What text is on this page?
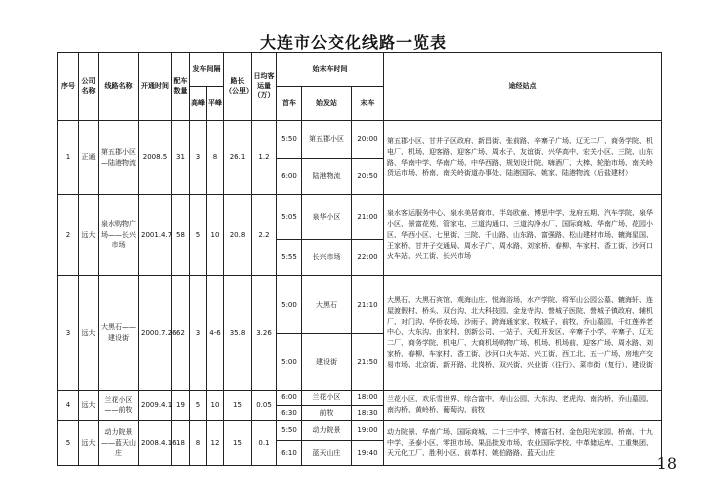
大连市公交化线路一览表
序号	公司名称	线路名称	开通时间	配车数量	发车间隔		路长（公里）	日均客运量（万）	始末车时间			途经站点
					高峰	平峰			首车	始发站	末车	
1	正通	第五郡小区—陆港物流	2008.5	31	3	8	26.1	1.2	5:50	第五郡小区	20:00	第五郡小区、甘井子区政府、新昌街、张前路、辛寨子广场、辽无二厂、商务学院、机电厂、机场、迎客路、迎客广场、周水子、友谊街、兴华高中、宏关小区、三院、山东路、华南中学、华南广场、中华西路、规划设计院、嗨酒厂、大棒、轮胎市场、南关岭货运市场、桥南、南关岭街道办事处、陆港国际、姚家、陆港物流（后盐建材）
									6:00	陆港物流	20:50	
2	远大	泉水购物广场——长兴市场	2001.4.7	58	5	10	20.8	2.2	5:05	泉华小区	21:00	泉水客运服务中心、泉水美居商市、半岛欧童、博思中学、龙府五期、汽车学院、泉华小区、景富花苑、管家屯、三道沟通口、三道沟净水厂、国际商城、华南广场、花园小区、华西小区、七里街、三院、千山路、山东路、富强路、松山建材市场、辘海星国、王家桥、甘井子交通局、周水子广、周水路、刘家桥、春柳、车家村、香工街、沙河口火车站、兴工街、长兴市场
									5:55	长兴市场	22:00	
3	远大	大黑石——建设街	2000.7.26	62	3	4-6	35.8	3.26	5:00	大黑石	21:10	大黑石、大黑石宾馆、观海山庄、悦海浴场、水产学院、将军山公园公墓、辘海轩、连屋渡假村、桥头、双台沟、北大科技园、金龙寺沟、營城子医院、營城子镇政府、辅机厂、对门沟、华侨农场、沙雨子、跨海通家家、牧城子、前牧、乔山墓园、千红莲养老中心、大东沟、由家村、创新公司、一站子、天虹开发区、辛寨子小学、辛寨子、辽无二厂、商务学院、机电厂、大商机场购物广场、机场、机场前、迎客广场、周水路、刘家桥、春柳、车家村、香工街、沙河口火车站、兴工街、西工北、五一广场、房地产交易市场、北京街、新开路、北岗桥、双兴街、兴业街（往行）、菜市街（复行）、建设街
									5:00	建设街	21:50	
4	远大	兰花小区——前牧	2009.4.1	19	5	10	15	0.05	6:00	兰花小区	18:00	兰花小区、欢乐雪世界、综合富中、寿山公园、大东沟、老虎沟、南沟桥、乔山墓园、南沟桥、黄岭桥、葡萄沟、前牧
									6:30	前牧	18:30	
5	远大	动力院景——蓝天山庄	2008.4.16	18	8	12	15	0.1	5:50	动力院景	19:00	动力院景、华南广场、国际商城、二十三中学、博富石材、金色阳光家园、桥南、十九中学、圣泰小区、零担市场、果品批发市场、农业国际学校、中革储运库、工重集团、天元化工厂、胜利小区、前革村、姚伯路路、蓝天山庄
									6:10	蓝天山庄	19:40	
18
